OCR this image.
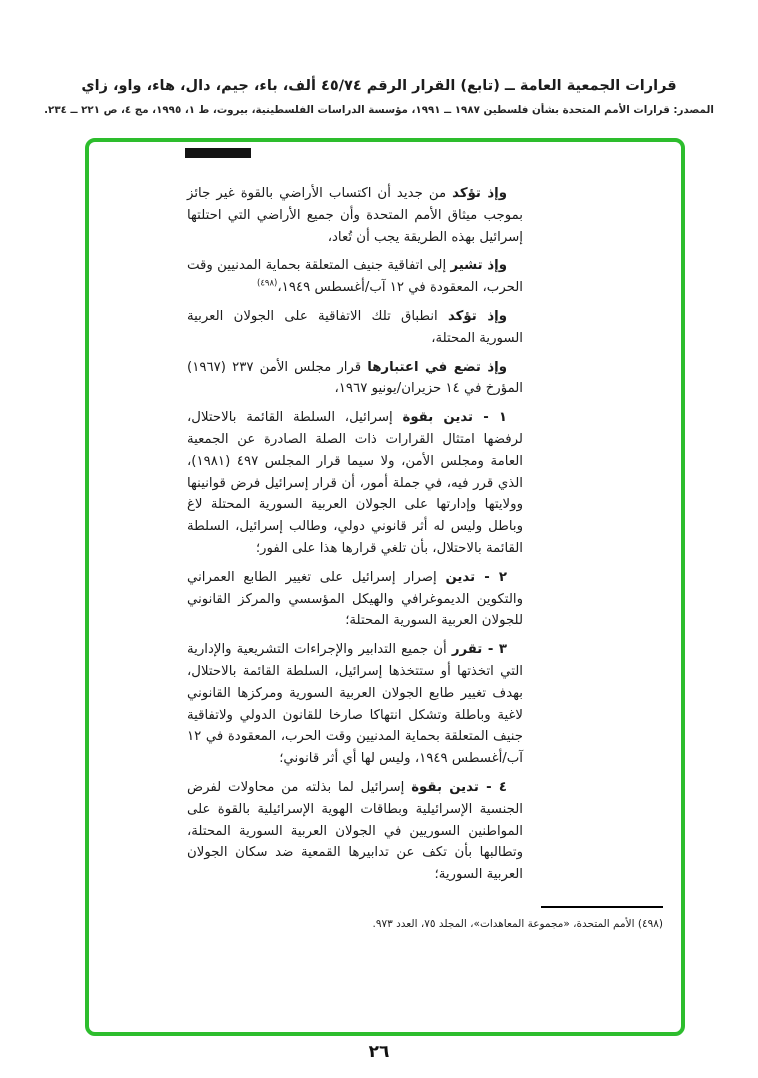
قرارات الجمعية العامة ــ (تابع) القرار الرقم ٤٥/٧٤ ألف، باء، جيم، دال، هاء، واو، زاي
المصدر: قرارات الأمم المتحدة بشأن فلسطين ١٩٨٧ ــ ١٩٩١، مؤسسة الدراسات الفلسطينية، بيروت، ط ١، ١٩٩٥، مج ٤، ص ٢٢١ ــ ٢٣٤.

وإذ تؤكد من جديد أن اكتساب الأراضي بالقوة غير جائز بموجب ميثاق الأمم المتحدة وأن جميع الأراضي التي احتلتها إسرائيل بهذه الطريقة يجب أن تُعاد،

وإذ تشير إلى اتفاقية جنيف المتعلقة بحماية المدنيين وقت الحرب، المعقودة في ١٢ آب/أغسطس ١٩٤٩،$^{(٤٩٨)}$

وإذ تؤكد انطباق تلك الاتفاقية على الجولان العربية السورية المحتلة،

وإذ تضع في اعتبارها قرار مجلس الأمن ٢٣٧ (١٩٦٧) المؤرخ في ١٤ حزيران/يونيو ١٩٦٧،

١ - تدين بقوة إسرائيل، السلطة القائمة بالاحتلال، لرفضها امتثال القرارات ذات الصلة الصادرة عن الجمعية العامة ومجلس الأمن، ولا سيما قرار المجلس ٤٩٧ (١٩٨١)، الذي قرر فيه، في جملة أمور، أن قرار إسرائيل فرض قوانينها وولايتها وإدارتها على الجولان العربية السورية المحتلة لاغ وباطل وليس له أثر قانوني دولي، وطالب إسرائيل، السلطة القائمة بالاحتلال، بأن تلغي قرارها هذا على الفور؛

٢ - تدين إصرار إسرائيل على تغيير الطابع العمراني والتكوين الديموغرافي والهيكل المؤسسي والمركز القانوني للجولان العربية السورية المحتلة؛

٣ - تقرر أن جميع التدابير والإجراءات التشريعية والإدارية التي اتخذتها أو ستتخذها إسرائيل، السلطة القائمة بالاحتلال، بهدف تغيير طابع الجولان العربية السورية ومركزها القانوني لاغية وباطلة وتشكل انتهاكا صارخا للقانون الدولي ولاتفاقية جنيف المتعلقة بحماية المدنيين وقت الحرب، المعقودة في ١٢ آب/أغسطس ١٩٤٩، وليس لها أي أثر قانوني؛

٤ - تدين بقوة إسرائيل لما بذلته من محاولات لفرض الجنسية الإسرائيلية وبطاقات الهوية الإسرائيلية بالقوة على المواطنين السوريين في الجولان العربية السورية المحتلة، وتطالبها بأن تكف عن تدابيرها القمعية ضد سكان الجولان العربية السورية؛

(٤٩٨) الأمم المتحدة، «مجموعة المعاهدات»، المجلد ٧٥، العدد ٩٧٣.
٢٦
